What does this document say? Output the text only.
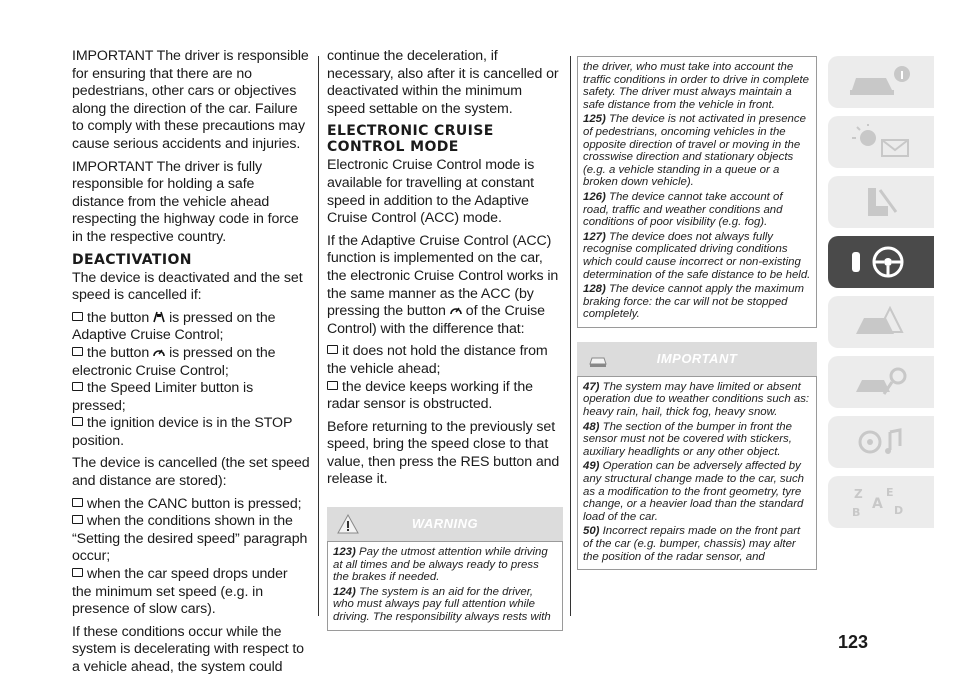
IMPORTANT The driver is responsible for ensuring that there are no pedestrians, other cars or objectives along the direction of the car. Failure to comply with these precautions may cause serious accidents and injuries.

IMPORTANT The driver is fully responsible for holding a safe distance from the vehicle ahead respecting the highway code in force in the respective country.

DEACTIVATION

The device is deactivated and the set speed is cancelled if:

the button is pressed on the Adaptive Cruise Control;

the button is pressed on the electronic Cruise Control;

the Speed Limiter button is pressed;

the ignition device is in the STOP position.

The device is cancelled (the set speed and distance are stored):

when the CANC button is pressed;

when the conditions shown in the “Setting the desired speed” paragraph occur;

when the car speed drops under the minimum set speed (e.g. in presence of slow cars).

If these conditions occur while the system is decelerating with respect to a vehicle ahead, the system could

continue the deceleration, if necessary, also after it is cancelled or deactivated within the minimum speed settable on the system.

ELECTRONIC CRUISE CONTROL MODE

Electronic Cruise Control mode is available for travelling at constant speed in addition to the Adaptive Cruise Control (ACC) mode.

If the Adaptive Cruise Control (ACC) function is implemented on the car, the electronic Cruise Control works in the same manner as the ACC (by pressing the button of the Cruise Control) with the difference that:

it does not hold the distance from the vehicle ahead;

the device keeps working if the radar sensor is obstructed.

Before returning to the previously set speed, bring the speed close to that value, then press the RES button and release it.

WARNING

123) Pay the utmost attention while driving at all times and be always ready to press the brakes if needed.

124) The system is an aid for the driver, who must always pay full attention while driving. The responsibility always rests with

the driver, who must take into account the traffic conditions in order to drive in complete safety. The driver must always maintain a safe distance from the vehicle in front.

125) The device is not activated in presence of pedestrians, oncoming vehicles in the opposite direction of travel or moving in the crosswise direction and stationary objects (e.g. a vehicle standing in a queue or a broken down vehicle).

126) The device cannot take account of road, traffic and weather conditions and conditions of poor visibility (e.g. fog).

127) The device does not always fully recognise complicated driving conditions which could cause incorrect or non-existing determination of the safe distance to be held.

128) The device cannot apply the maximum braking force: the car will not be stopped completely.

IMPORTANT

47) The system may have limited or absent operation due to weather conditions such as: heavy rain, hail, thick fog, heavy snow.

48) The section of the bumper in front the sensor must not be covered with stickers, auxiliary headlights or any other object.

49) Operation can be adversely affected by any structural change made to the car, such as a modification to the front geometry, tyre change, or a heavier load than the standard load of the car.

50) Incorrect repairs made on the front part of the car (e.g. bumper, chassis) may alter the position of the radar sensor, and

Z E
A
B	D
123
